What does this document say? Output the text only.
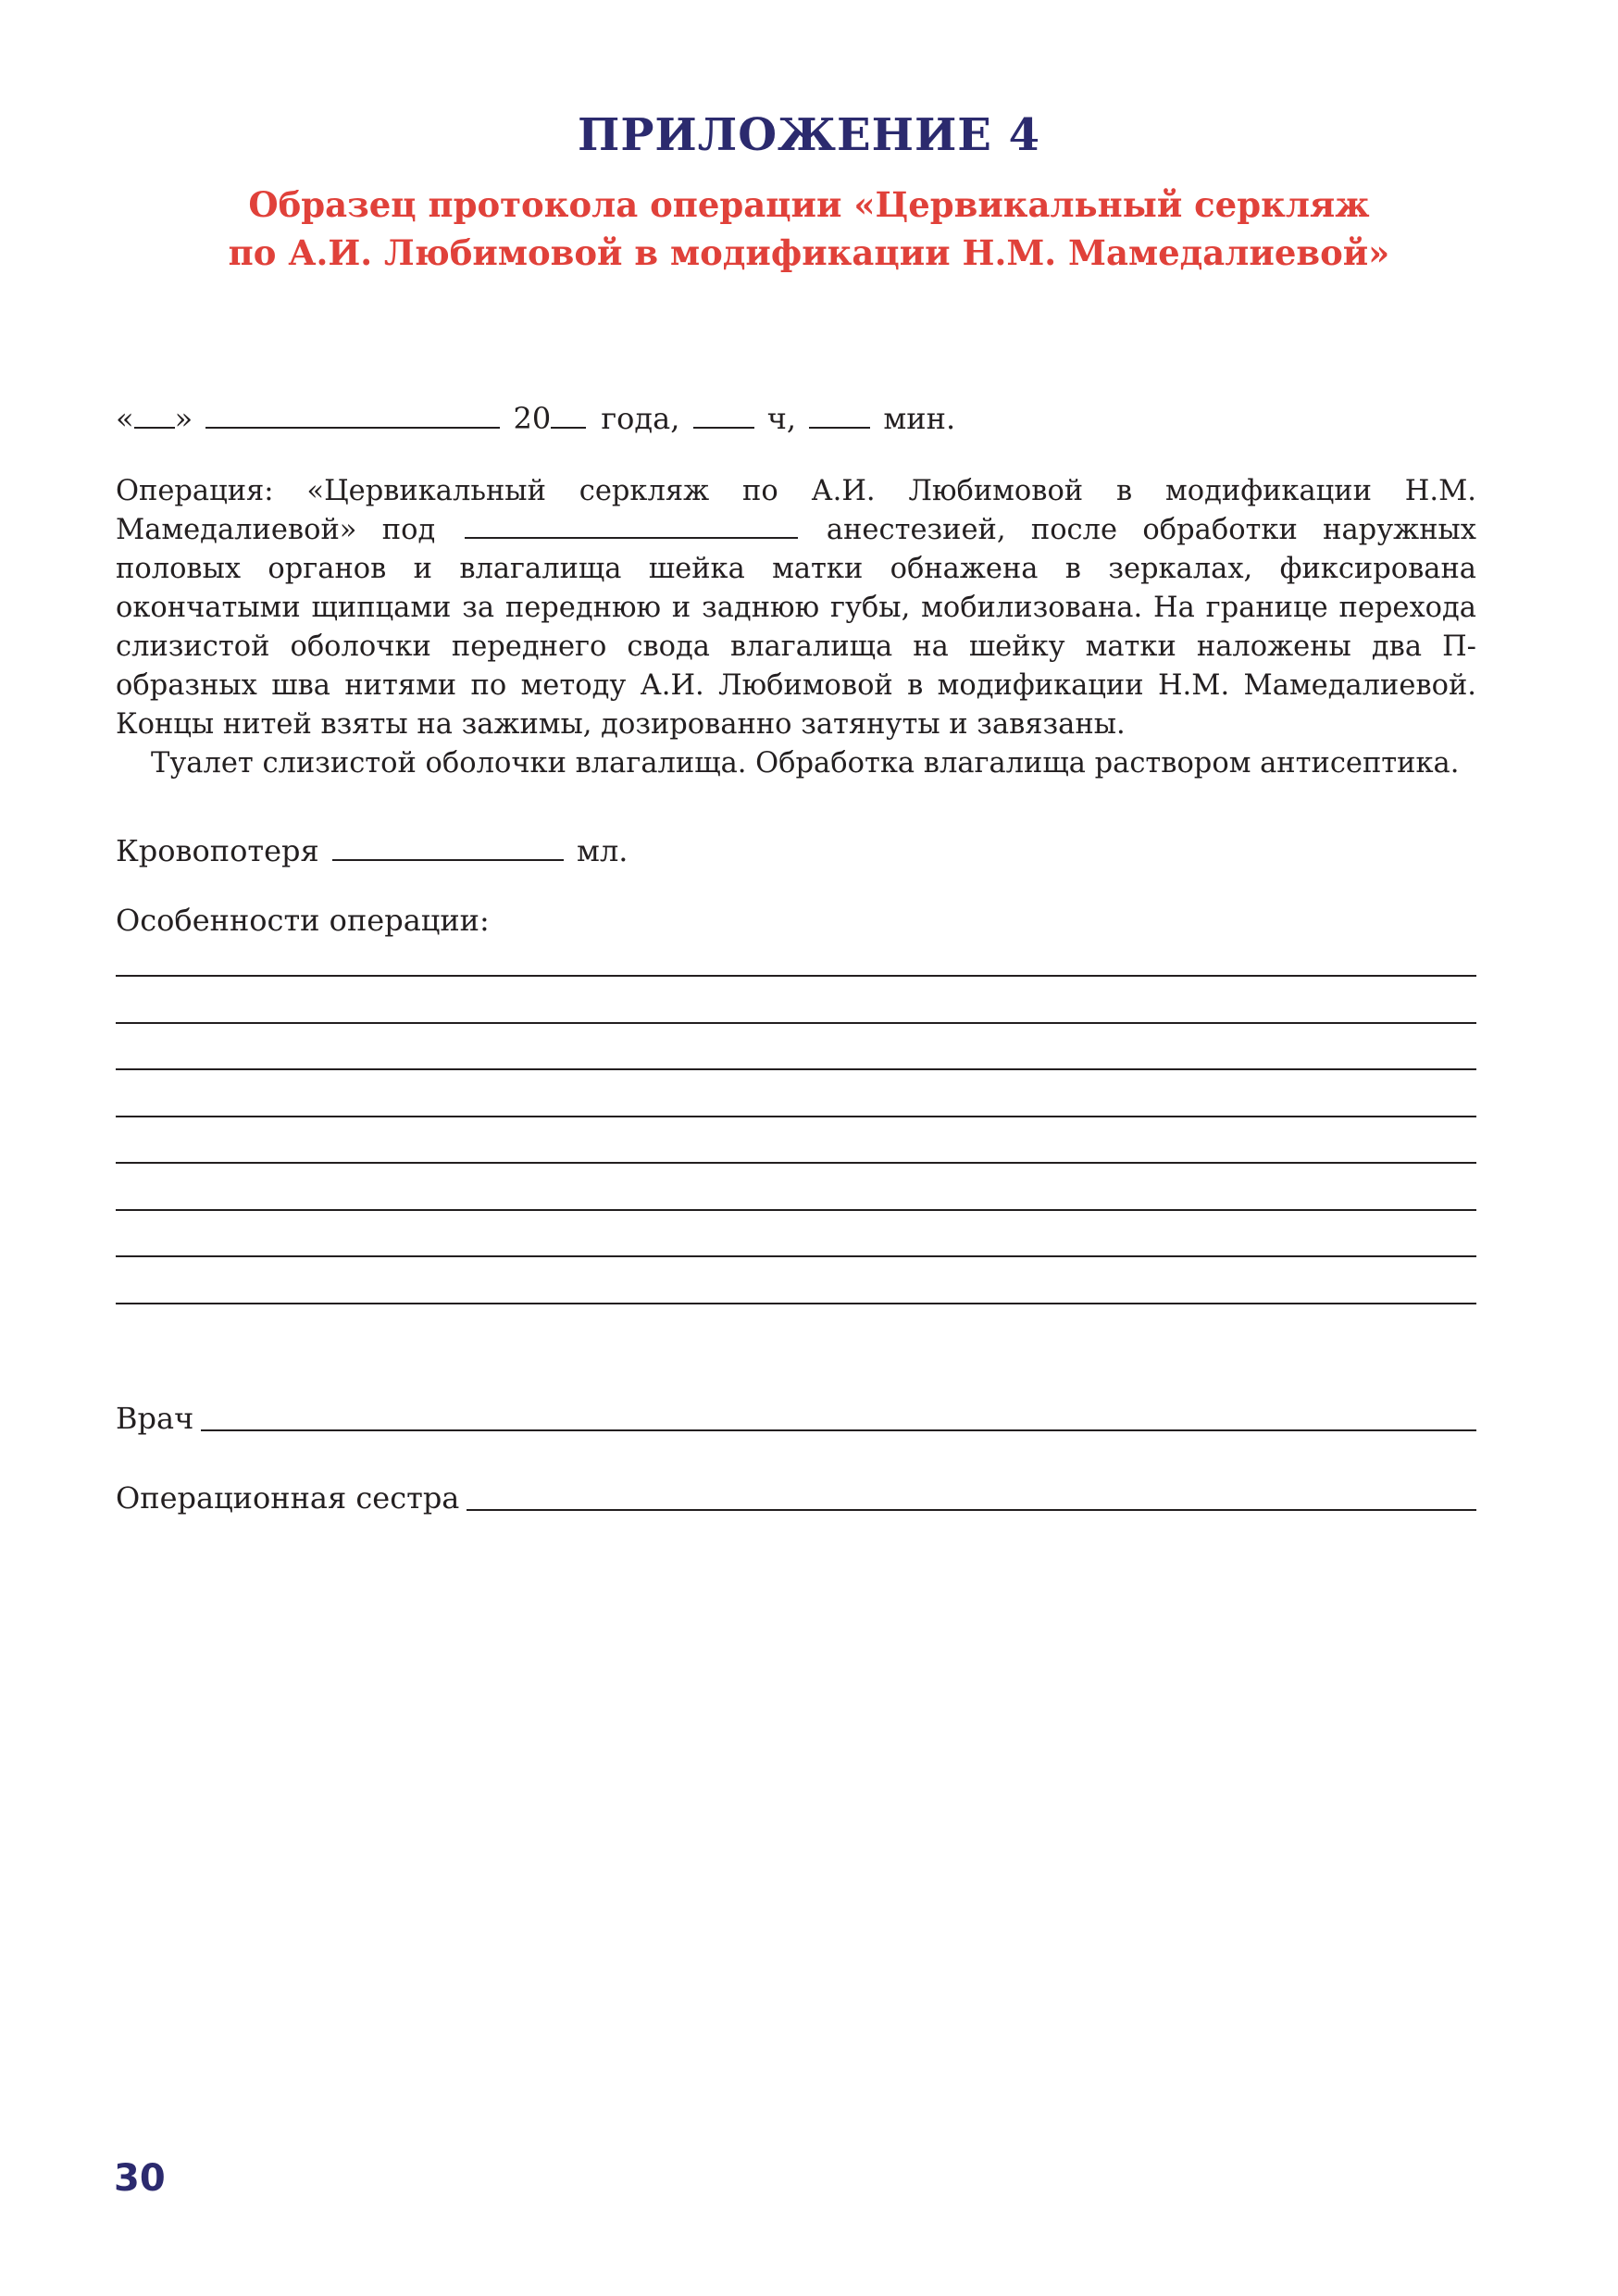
ПРИЛОЖЕНИЕ 4
Образец протокола операции «Цервикальный серкляж
по А.И. Любимовой в модификации Н.М. Мамедалиевой»
« »	20 года,	ч,	мин.

Операция: «Цервикальный серкляж по А.И. Любимовой в модификации Н.М. Мамедалиевой» под	анестезией, после обработки наружных половых органов и влагалища шейка матки обнажена в зеркалах, фиксирована окончатыми щипцами за переднюю и заднюю губы, мобилизована. На границе перехода слизистой оболочки переднего свода влагалища на шейку матки наложены два П-образных шва нитями по методу А.И. Любимовой в модификации Н.М. Мамедалиевой. Концы нитей взяты на зажимы, дозированно затянуты и завязаны.

Туалет слизистой оболочки влагалища. Обработка влагалища раствором антисептика.

Кровопотеря	мл.
Особенности операции:
Врач
Операционная сестра
30
